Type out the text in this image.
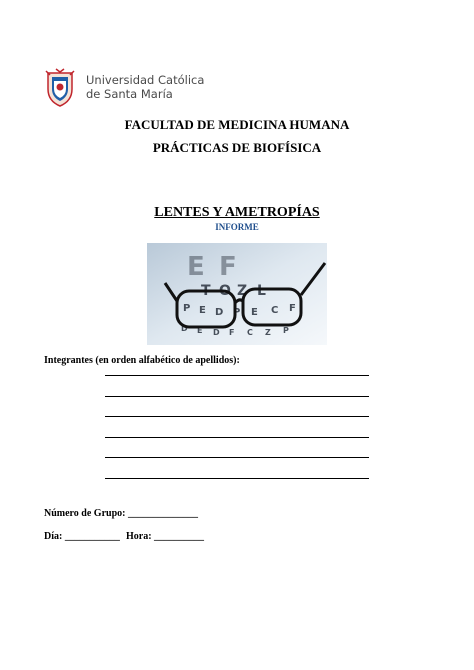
Universidad Católica
de Santa María
FACULTAD DE MEDICINA HUMANA
PRÁCTICAS DE BIOFÍSICA
LENTES Y AMETROPÍAS
INFORME
E F
T O Z L
P E D P E C F
D E D F C Z P
Integrantes (en orden alfabético de apellidos):
Número de Grupo: ______________
Día: ___________ Hora: __________
